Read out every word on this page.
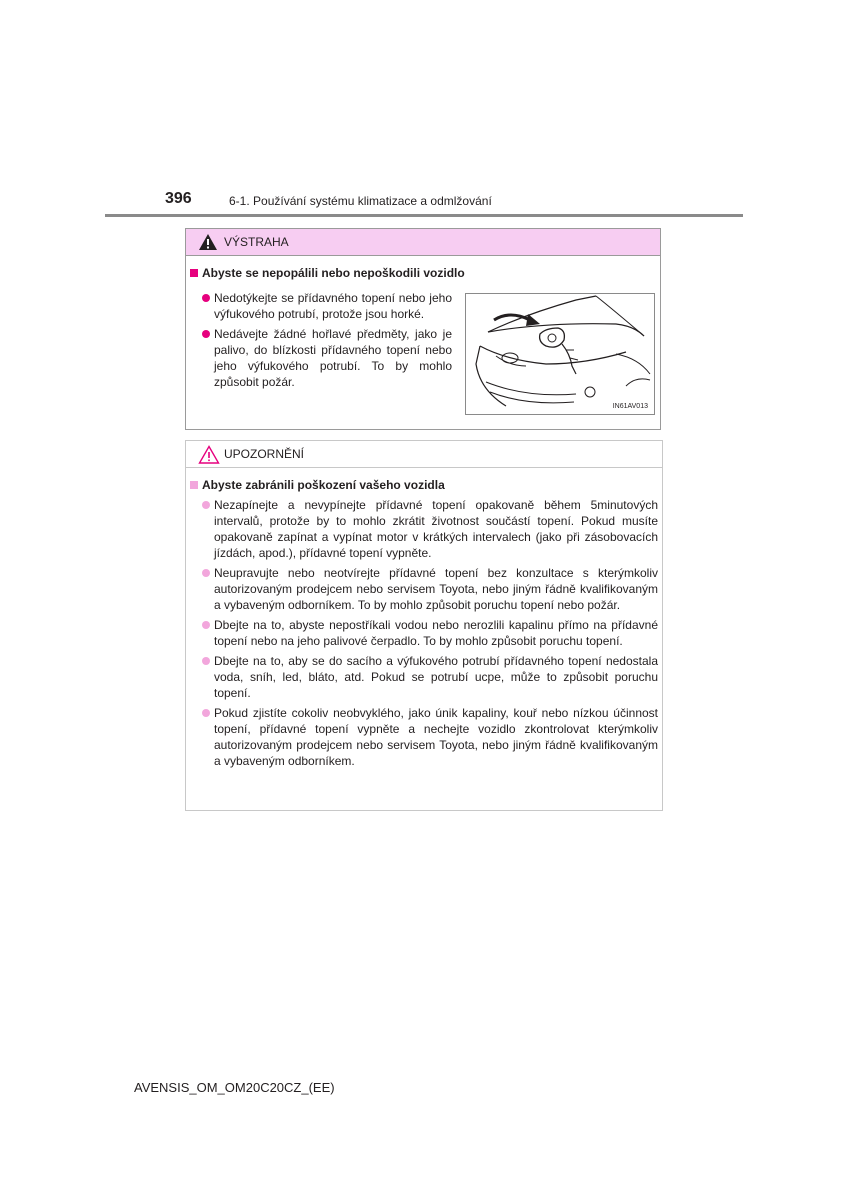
396	6-1. Používání systému klimatizace a odmlžování
VÝSTRAHA
Abyste se nepopálili nebo nepoškodili vozidlo
Nedotýkejte se přídavného topení nebo jeho výfukového potrubí, protože jsou horké.
Nedávejte žádné hořlavé předměty, jako je palivo, do blízkosti přídavného topení nebo jeho výfukového potrubí. To by mohlo způsobit požár.
IN61AV013
UPOZORNĚNÍ
Abyste zabránili poškození vašeho vozidla
Nezapínejte a nevypínejte přídavné topení opakovaně během 5minutových intervalů, protože by to mohlo zkrátit životnost součástí topení. Pokud musíte opakovaně zapínat a vypínat motor v krátkých intervalech (jako při zásobovacích jízdách, apod.), přídavné topení vypněte.
Neupravujte nebo neotvírejte přídavné topení bez konzultace s kterýmkoliv autorizovaným prodejcem nebo servisem Toyota, nebo jiným řádně kvalifikovaným a vybaveným odborníkem. To by mohlo způsobit poruchu topení nebo požár.
Dbejte na to, abyste nepostříkali vodou nebo nerozlili kapalinu přímo na přídavné topení nebo na jeho palivové čerpadlo. To by mohlo způsobit poruchu topení.
Dbejte na to, aby se do sacího a výfukového potrubí přídavného topení nedostala voda, sníh, led, bláto, atd. Pokud se potrubí ucpe, může to způsobit poruchu topení.
Pokud zjistíte cokoliv neobvyklého, jako únik kapaliny, kouř nebo nízkou účinnost topení, přídavné topení vypněte a nechejte vozidlo zkontrolovat kterýmkoliv autorizovaným prodejcem nebo servisem Toyota, nebo jiným řádně kvalifikovaným a vybaveným odborníkem.
AVENSIS_OM_OM20C20CZ_(EE)
